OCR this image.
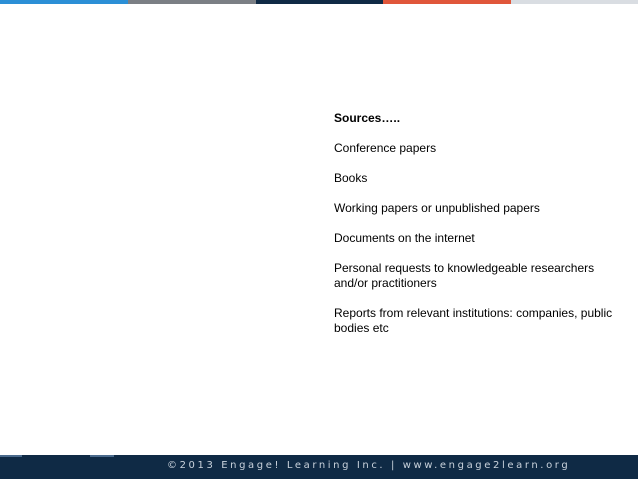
Sources…..
Conference papers
Books
Working papers or unpublished papers
Documents on the internet
Personal requests to knowledgeable researchers and/or practitioners
Reports from relevant institutions: companies, public bodies etc
©2013 Engage! Learning Inc. | www.engage2learn.org
